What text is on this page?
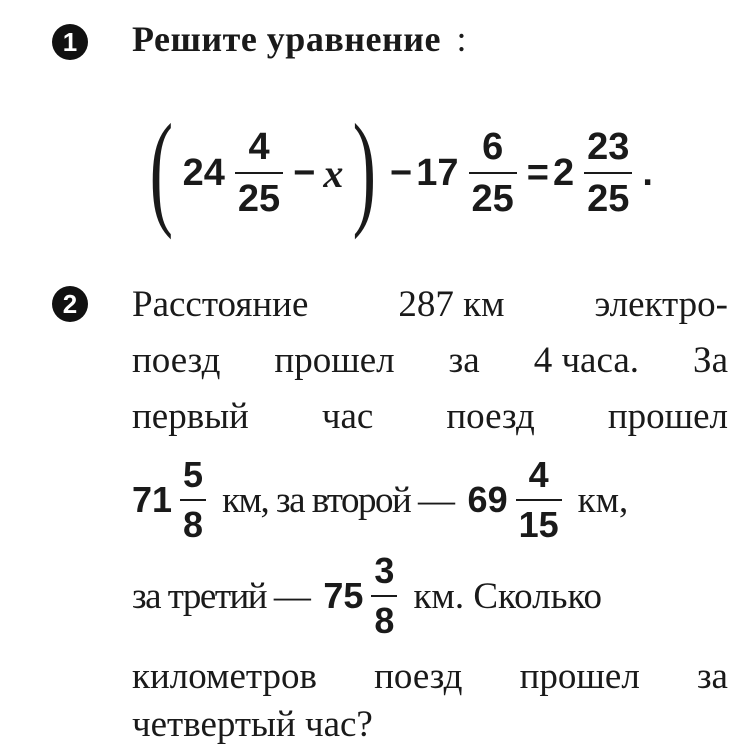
1 Решите уравнение :
( $24 \frac{4}{25} - x$ ) − $17 \frac{6}{25} = 2 \frac{23}{25}$ .
2 Расстояние 287 км электро-
поезд прошел за 4 часа. За
первый час поезд прошел
$71 \frac{5}{8}$ км, за второй — $69 \frac{4}{15}$ км,
за третий — $75 \frac{3}{8}$ км. Сколько
километров поезд прошел за
четвертый час?
